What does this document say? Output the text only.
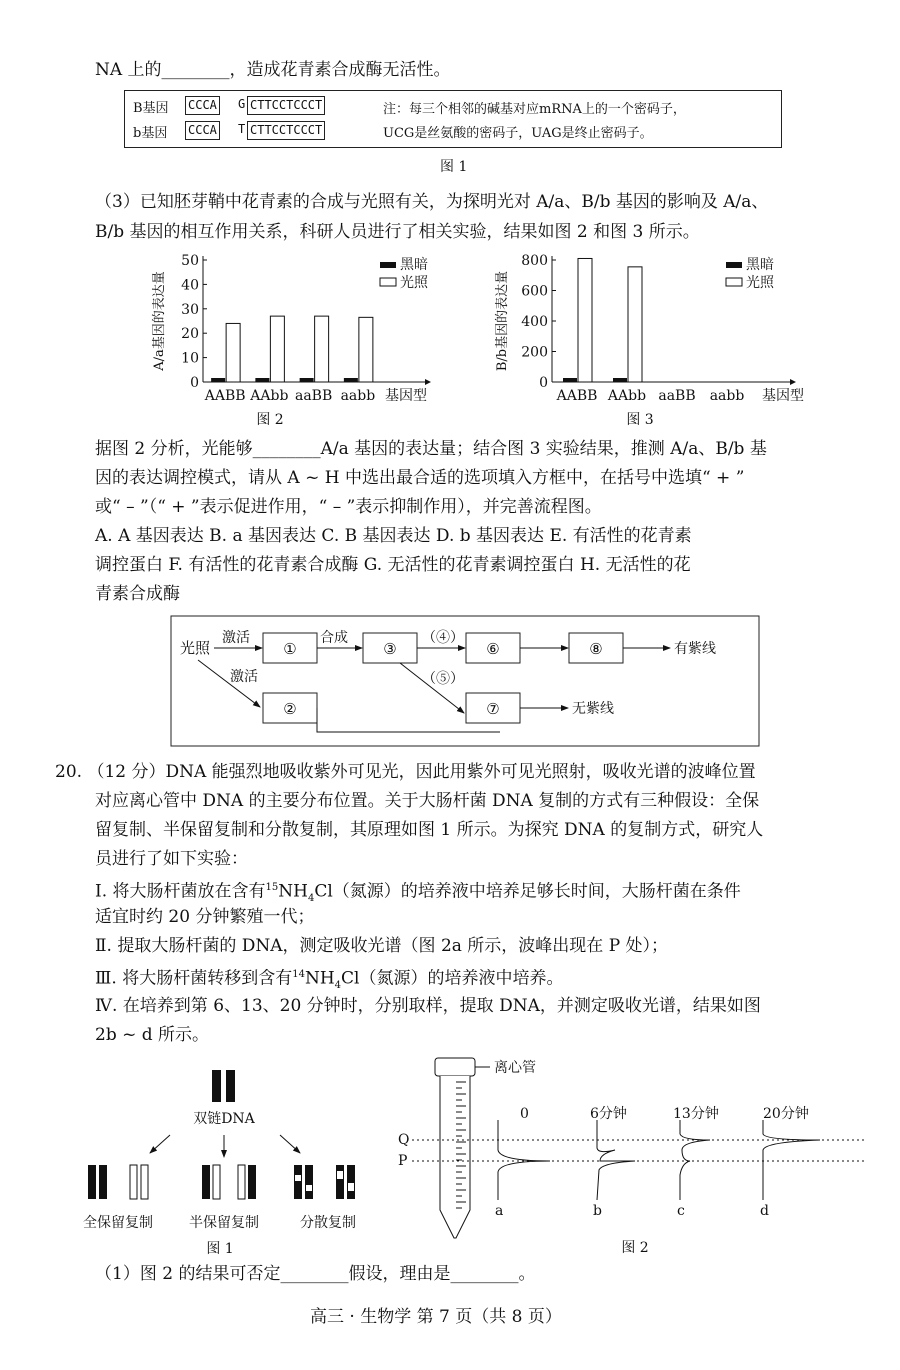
NA 上的________，造成花青素合成酶无活性。
B基因 CCCA G CTTCCTCCCT
b基因 CCCA T CTTCCTCCCT
注：每三个相邻的碱基对应mRNA上的一个密码子，
UCG是丝氨酸的密码子，UAG是终止密码子。
图 1
（3）已知胚芽鞘中花青素的合成与光照有关，为探明光对 A/a、B/b 基因的影响及 A/a、
B/b 基因的相互作用关系，科研人员进行了相关实验，结果如图 2 和图 3 所示。
0
10
20
30
40
50
A/a基因的表达量
AABB AAbb aaBB aabb 基因型
黑暗
光照
图 2
0
200
400
600
800
B/b基因的表达量
AABB AAbb aaBB aabb 基因型
黑暗
光照
图 3
据图 2 分析，光能够________A/a 基因的表达量；结合图 3 实验结果，推测 A/a、B/b 基
因的表达调控模式，请从 A ~ H 中选出最合适的选项填入方框中，在括号中选填“ + ”
或“ – ”（“ + ”表示促进作用，“ – ”表示抑制作用），并完善流程图。
A. A 基因表达 B. a 基因表达 C. B 基因表达 D. b 基因表达 E. 有活性的花青素
调控蛋白 F. 有活性的花青素合成酶 G. 无活性的花青素调控蛋白 H. 无活性的花
青素合成酶
光照
激活
①
合成
③
（④）
⑥	⑧	有紫线
激活
②
（⑤）
⑦	无紫线
20. （12 分）DNA 能强烈地吸收紫外可见光，因此用紫外可见光照射，吸收光谱的波峰位置
对应离心管中 DNA 的主要分布位置。关于大肠杆菌 DNA 复制的方式有三种假设：全保
留复制、半保留复制和分散复制，其原理如图 1 所示。为探究 DNA 的复制方式，研究人
员进行了如下实验：
Ⅰ. 将大肠杆菌放在含有$^{15}NH_4Cl$（氮源）的培养液中培养足够长时间，大肠杆菌在条件
适宜时约 20 分钟繁殖一代；
Ⅱ. 提取大肠杆菌的 DNA，测定吸收光谱（图 2a 所示，波峰出现在 P 处）；
Ⅲ. 将大肠杆菌转移到含有$^{14}NH_4Cl$（氮源）的培养液中培养。
Ⅳ. 在培养到第 6、13、20 分钟时，分别取样，提取 DNA，并测定吸收光谱，结果如图
2b ~ d 所示。
双链DNA
全保留复制	半保留复制	分散复制
图 1
离心管
Q
P
0	6分钟	13分钟	20分钟
a	b	c	d
图 2
（1）图 2 的结果可否定________假设，理由是________。
高三 · 生物学 第 7 页（共 8 页）
